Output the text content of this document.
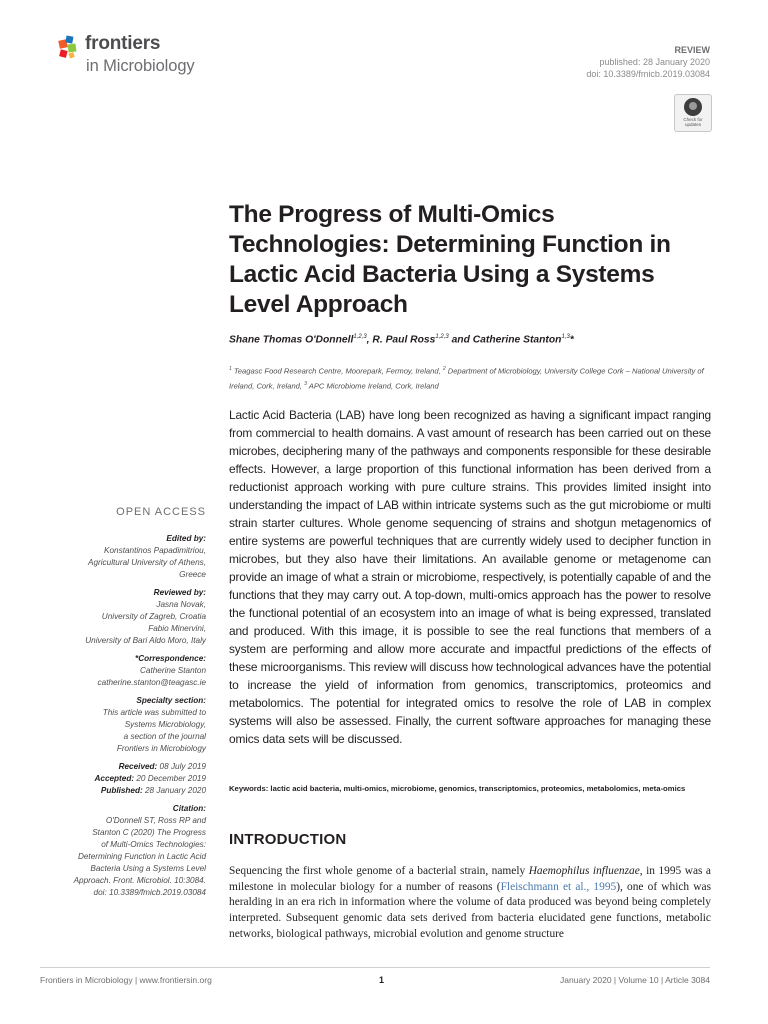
frontiers
in Microbiology
REVIEW
published: 28 January 2020
doi: 10.3389/fmicb.2019.03084
Check for
updates
The Progress of Multi-Omics Technologies: Determining Function in Lactic Acid Bacteria Using a Systems Level Approach
Shane Thomas O'Donnell$^{1,2,3}$, R. Paul Ross$^{1,2,3}$ and Catherine Stanton$^{1,3}$*
$^1$ Teagasc Food Research Centre, Moorepark, Fermoy, Ireland, $^2$ Department of Microbiology, University College Cork – National University of Ireland, Cork, Ireland, $^3$ APC Microbiome Ireland, Cork, Ireland

Lactic Acid Bacteria (LAB) have long been recognized as having a significant impact ranging from commercial to health domains. A vast amount of research has been carried out on these microbes, deciphering many of the pathways and components responsible for these desirable effects. However, a large proportion of this functional information has been derived from a reductionist approach working with pure culture strains. This provides limited insight into understanding the impact of LAB within intricate systems such as the gut microbiome or multi strain starter cultures. Whole genome sequencing of strains and shotgun metagenomics of entire systems are powerful techniques that are currently widely used to decipher function in microbes, but they also have their limitations. An available genome or metagenome can provide an image of what a strain or microbiome, respectively, is potentially capable of and the functions that they may carry out. A top-down, multi-omics approach has the power to resolve the functional potential of an ecosystem into an image of what is being expressed, translated and produced. With this image, it is possible to see the real functions that members of a system are performing and allow more accurate and impactful predictions of the effects of these microorganisms. This review will discuss how technological advances have the potential to increase the yield of information from genomics, transcriptomics, proteomics and metabolomics. The potential for integrated omics to resolve the role of LAB in complex systems will also be assessed. Finally, the current software approaches for managing these omics data sets will be discussed.

Keywords: lactic acid bacteria, multi-omics, microbiome, genomics, transcriptomics, proteomics, metabolomics, meta-omics

INTRODUCTION

Sequencing the first whole genome of a bacterial strain, namely Haemophilus influenzae, in 1995 was a milestone in molecular biology for a number of reasons (Fleischmann et al., 1995), one of which was heralding in an era rich in information where the volume of data produced was beyond being completely interpreted. Subsequent genomic data sets derived from bacteria elucidated gene functions, metabolic networks, biological pathways, microbial evolution and genome structure

OPEN ACCESS
Edited by:
Konstantinos Papadimitriou,
Agricultural University of Athens,
Greece
Reviewed by:
Jasna Novak,
University of Zagreb, Croatia
Fabio Minervini,
University of Bari Aldo Moro, Italy
*Correspondence:
Catherine Stanton
catherine.stanton@teagasc.ie
Specialty section:
This article was submitted to
Systems Microbiology,
a section of the journal
Frontiers in Microbiology
Received: 08 July 2019
Accepted: 20 December 2019
Published: 28 January 2020
Citation:
O'Donnell ST, Ross RP and
Stanton C (2020) The Progress
of Multi-Omics Technologies:
Determining Function in Lactic Acid
Bacteria Using a Systems Level
Approach. Front. Microbiol. 10:3084.
doi: 10.3389/fmicb.2019.03084
Frontiers in Microbiology | www.frontiersin.org	1	January 2020 | Volume 10 | Article 3084
